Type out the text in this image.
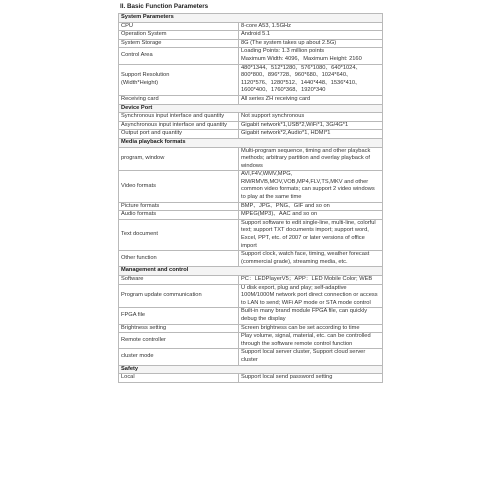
II. Basic Function Parameters
System Parameters	
CPU	8-core A53, 1.5GHz
Operation System	Android 5.1
System Storage	8G (The system takes up about 2.5G)
Control Area	Loading Points: 1.3 million points
Maximum Width: 4096，Maximum Height: 2160
Support Resolution
(Width*Height)	480*1344、512*1280、576*1080、640*1024、800*800、896*728、960*680、1024*640、1120*576、1280*512、1440*448、1536*410、1600*400、1760*368、1920*340
Receiving card	All series ZH receiving card
Device Port	
Synchronous input interface and quantity	Not support synchronous
Asynchronous input interface and quantity	Gigabit network*1,USB*2,WiFi*1, 3G/4G*1
Output port and quantity	Gigabit network*2,Audio*1, HDMI*1
Media playback formats	
program, window	Multi-program sequence, timing and other playback methods; arbitrary partition and overlay playback of windows
Video formats	AVI,F4V,WMV,MPG,
RM/RMVB,MOV,VOB,MP4,FLV,TS,MKV and other common video formats; can support 2 video windows to play at the same time
Picture formats	BMP、JPG、PNG、GIF and so on
Audio formats	MPEG(MP3)、AAC and so on
Text document	Support software to edit single-line, multi-line, colorful text; support TXT documents import; support word, Excel, PPT, etc. of 2007 or later versions of office import
Other function	Support clock, watch face, timing, weather forecast (commercial grade), streaming media, etc.
Management and control	
Software	PC：LEDPlayerV5；APP：LED Mobile Color; WEB
Program update communication	U disk export, plug and play; self-adaptive 100M/1000M network port direct connection or access to LAN to send; WiFi AP mode or STA mode control
FPGA file	Built-in many brand module FPGA file, can quickly debug the display
Brightness setting	Screen brightness can be set according to time
Remote controller	Play volume, signal, material, etc. can be controlled through the software remote control function
cluster mode	Support local server cluster, Support cloud server cluster
Safety	
Local	Support local send password setting
